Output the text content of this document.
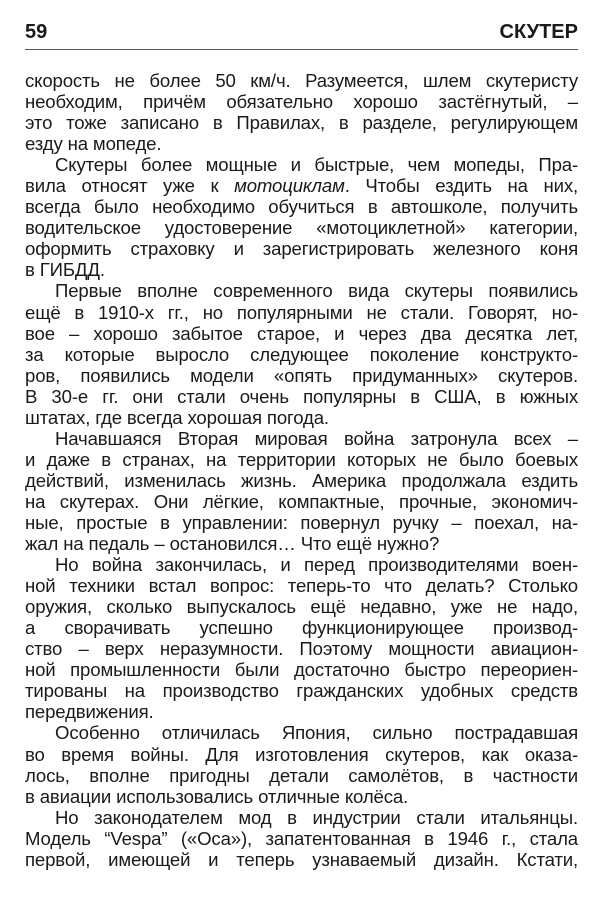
59	СКУТЕР
скорость не более 50 км/ч. Разумеется, шлем скутеристу
необходим, причём обязательно хорошо застёгнутый, –
это тоже записано в Правилах, в разделе, регулирующем
езду на мопеде.
Скутеры более мощные и быстрые, чем мопеды, Пра-
вила относят уже к мотоциклам. Чтобы ездить на них,
всегда было необходимо обучиться в автошколе, получить
водительское удостоверение «мотоциклетной» категории,
оформить страховку и зарегистрировать железного коня
в ГИБДД.
Первые вполне современного вида скутеры появились
ещё в 1910-х гг., но популярными не стали. Говорят, но-
вое – хорошо забытое старое, и через два десятка лет,
за которые выросло следующее поколение конструкто-
ров, появились модели «опять придуманных» скутеров.
В 30-е гг. они стали очень популярны в США, в южных
штатах, где всегда хорошая погода.
Начавшаяся Вторая мировая война затронула всех –
и даже в странах, на территории которых не было боевых
действий, изменилась жизнь. Америка продолжала ездить
на скутерах. Они лёгкие, компактные, прочные, экономич-
ные, простые в управлении: повернул ручку – поехал, на-
жал на педаль – остановился… Что ещё нужно?
Но война закончилась, и перед производителями воен-
ной техники встал вопрос: теперь-то что делать? Столько
оружия, сколько выпускалось ещё недавно, уже не надо,
а сворачивать успешно функционирующее производ-
ство – верх неразумности. Поэтому мощности авиацион-
ной промышленности были достаточно быстро переориен-
тированы на производство гражданских удобных средств
передвижения.
Особенно отличилась Япония, сильно пострадавшая
во время войны. Для изготовления скутеров, как оказа-
лось, вполне пригодны детали самолётов, в частности
в авиации использовались отличные колёса.
Но законодателем мод в индустрии стали итальянцы.
Модель “Vespa” («Оса»), запатентованная в 1946 г., стала
первой, имеющей и теперь узнаваемый дизайн. Кстати,
